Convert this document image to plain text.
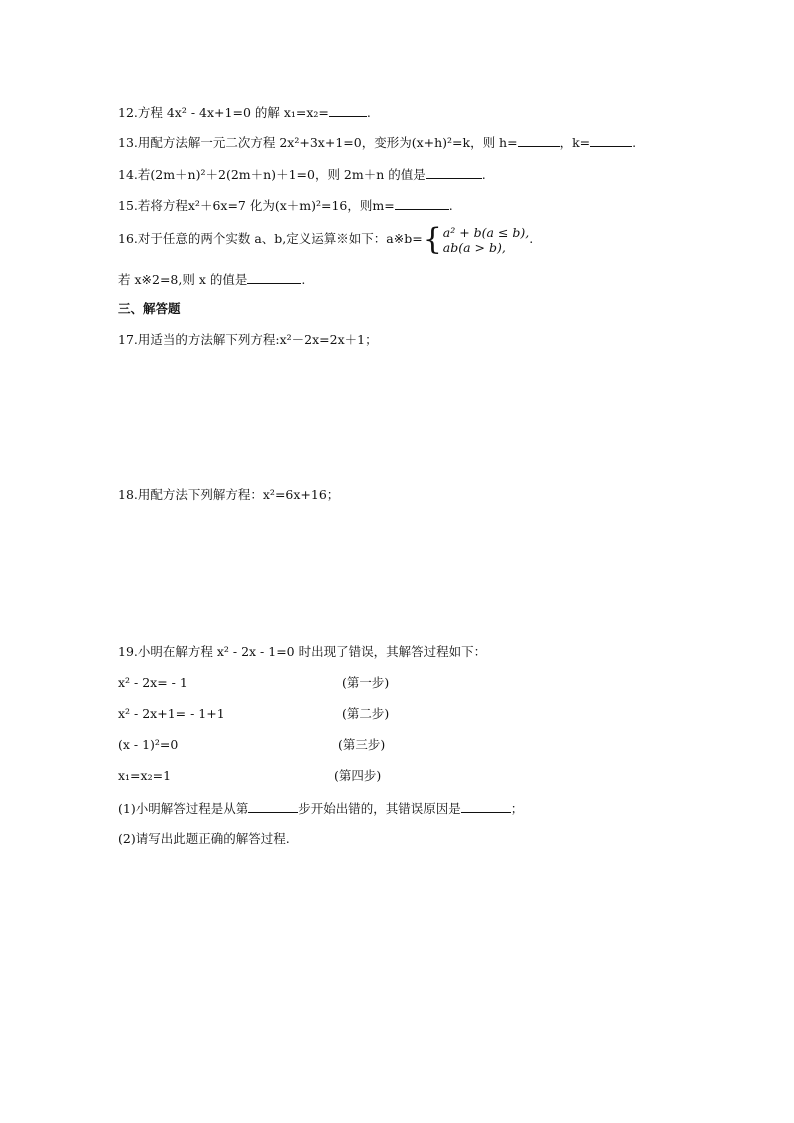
12.方程 4x² - 4x+1=0 的解 x₁=x₂=	.
13.用配方法解一元二次方程 2x²+3x+1=0，变形为(x+h)²=k，则 h=	，k=	.
14.若(2m＋n)²＋2(2m＋n)＋1=0，则 2m＋n 的值是	.
15.若将方程x²＋6x=7 化为(x＋m)²=16，则m=	.
16.对于任意的两个实数 a、b,定义运算※如下：a※b= { a² + b(a ≤ b),
ab(a > b),
.
若 x※2=8,则 x 的值是	.
三、解答题
17.用适当的方法解下列方程:x²－2x=2x＋1；
18.用配方法下列解方程：x²=6x+16；
19.小明在解方程 x² - 2x - 1=0 时出现了错误，其解答过程如下：
x² - 2x= - 1	(第一步)
x² - 2x+1= - 1+1	(第二步)
(x - 1)²=0	(第三步)
x₁=x₂=1	(第四步)
(1)小明解答过程是从第	步开始出错的，其错误原因是	；
(2)请写出此题正确的解答过程.
